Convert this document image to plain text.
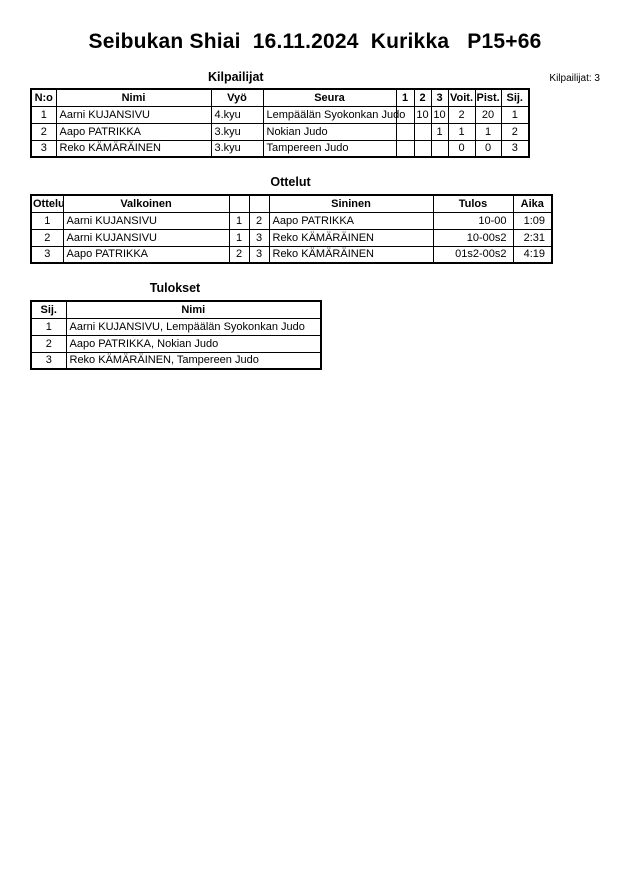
Seibukan Shiai  16.11.2024  Kurikka   P15+66
Kilpailijat	Kilpailijat: 3
N:o	Nimi	Vyö	Seura	1	2	3	Voit.	Pist.	Sij.
1	Aarni KUJANSIVU	4.kyu	Lempäälän Syokonkan Judo		10	10	2	20	1
2	Aapo PATRIKKA	3.kyu	Nokian Judo			1	1	1	2
3	Reko KÄMÄRÄINEN	3.kyu	Tampereen Judo				0	0	3
Ottelut
Ottelu	Valkoinen			Sininen	Tulos	Aika
1	Aarni KUJANSIVU	1	2	Aapo PATRIKKA	10-00	1:09
2	Aarni KUJANSIVU	1	3	Reko KÄMÄRÄINEN	10-00s2	2:31
3	Aapo PATRIKKA	2	3	Reko KÄMÄRÄINEN	01s2-00s2	4:19
Tulokset
Sij.	Nimi
1	Aarni KUJANSIVU, Lempäälän Syokonkan Judo
2	Aapo PATRIKKA, Nokian Judo
3	Reko KÄMÄRÄINEN, Tampereen Judo
